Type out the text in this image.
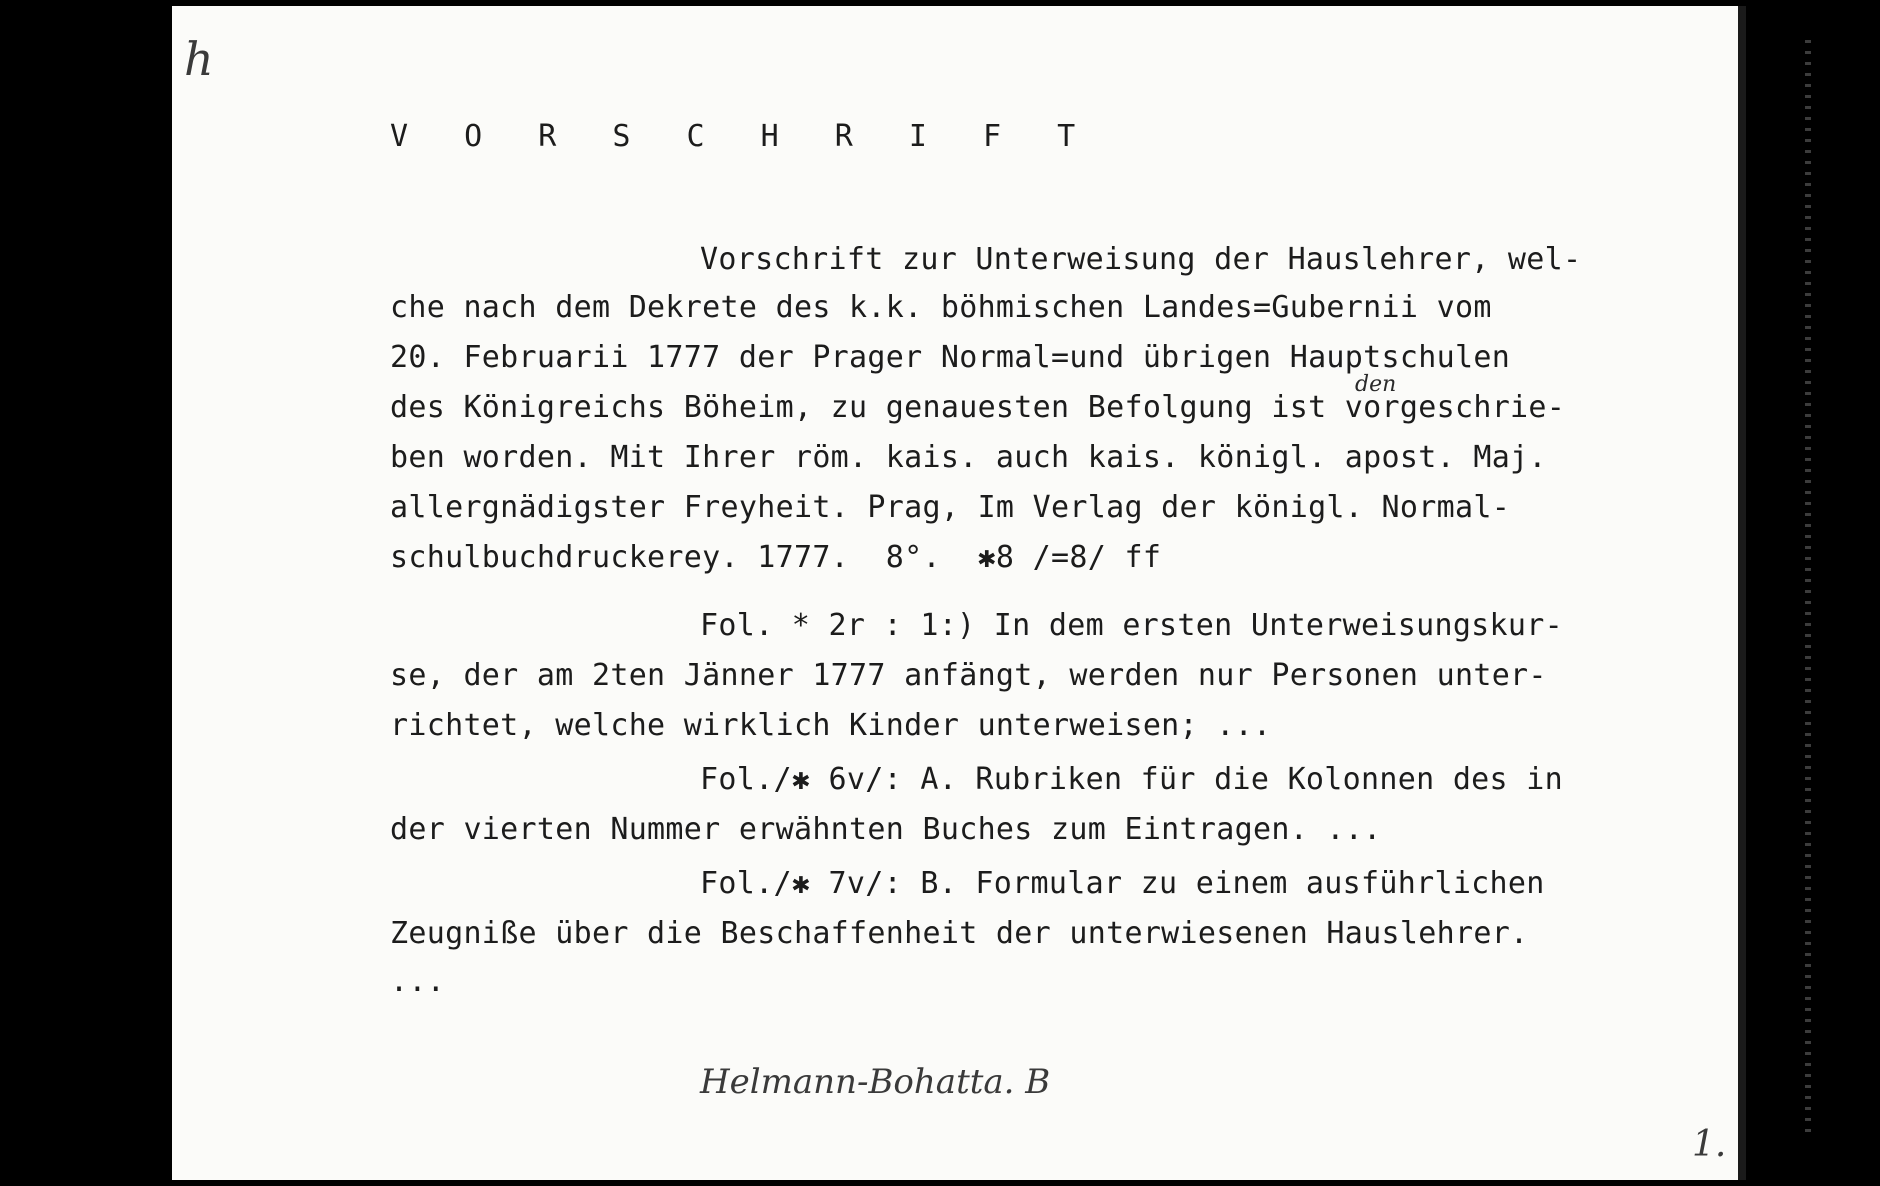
h
V O R S C H R I F T
Vorschrift zur Unterweisung der Hauslehrer, wel-
che nach dem Dekrete des k.k. böhmischen Landes=Gubernii vom
20. Februarii 1777 der Prager Normal=und übrigen Hauptschulen
des Königreichs Böheim, zu genauesten Befolgung ist vorgeschrie-
ben worden. Mit Ihrer röm. kais. auch kais. königl. apost. Maj.
allergnädigster Freyheit. Prag, Im Verlag der königl. Normal-
schulbuchdruckerey. 1777.  8°.  ✱8 /=8/ ff
den
Fol. * 2r : 1:) In dem ersten Unterweisungskur-
se, der am 2ten Jänner 1777 anfängt, werden nur Personen unter-
richtet, welche wirklich Kinder unterweisen; ...
Fol./✱ 6v/: A. Rubriken für die Kolonnen des in
der vierten Nummer erwähnten Buches zum Eintragen. ...
Fol./✱ 7v/: B. Formular zu einem ausführlichen
Zeugniße über die Beschaffenheit der unterwiesenen Hauslehrer.
...
Helmann-Bohatta. B
1.
